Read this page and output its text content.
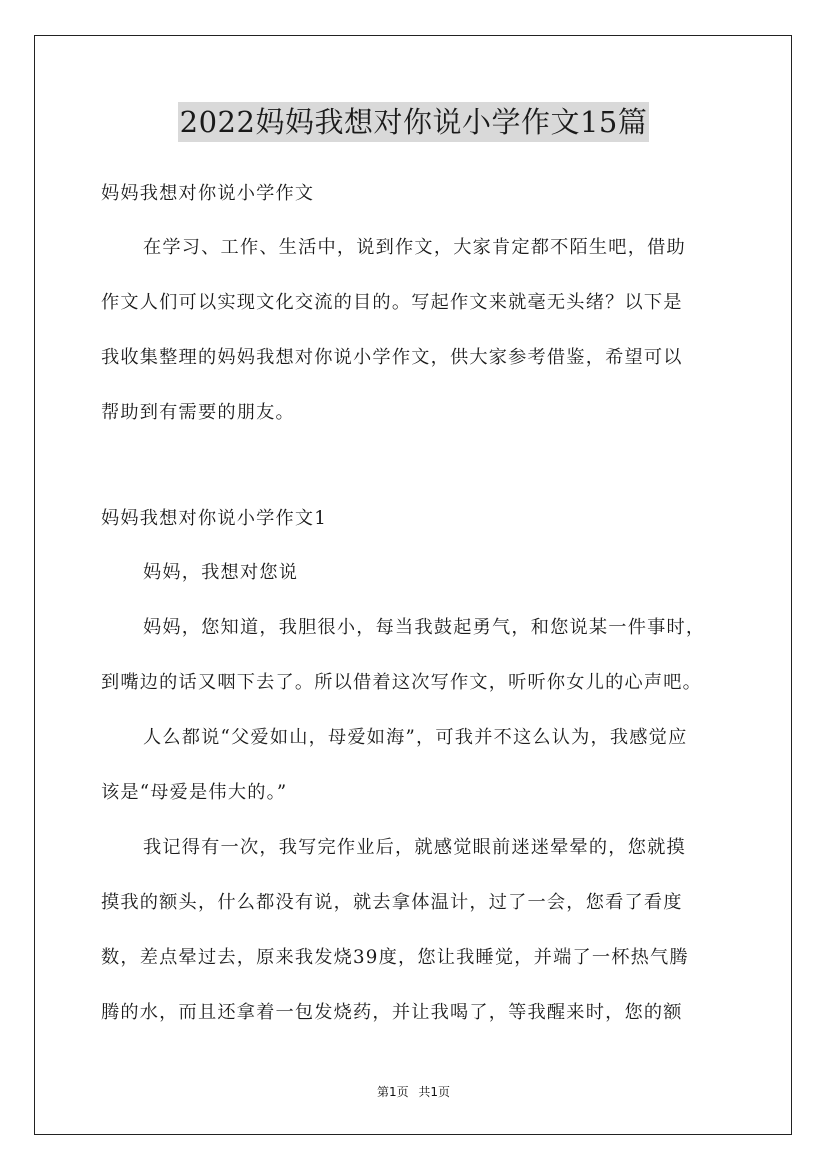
2022妈妈我想对你说小学作文15篇
妈妈我想对你说小学作文
在学习、工作、生活中，说到作文，大家肯定都不陌生吧，借助
作文人们可以实现文化交流的目的。写起作文来就毫无头绪？以下是
我收集整理的妈妈我想对你说小学作文，供大家参考借鉴，希望可以
帮助到有需要的朋友。
妈妈我想对你说小学作文1
妈妈，我想对您说
妈妈，您知道，我胆很小，每当我鼓起勇气，和您说某一件事时，
到嘴边的话又咽下去了。所以借着这次写作文，听听你女儿的心声吧。
人么都说“父爱如山，母爱如海”，可我并不这么认为，我感觉应
该是“母爱是伟大的。”
我记得有一次，我写完作业后，就感觉眼前迷迷晕晕的，您就摸
摸我的额头，什么都没有说，就去拿体温计，过了一会，您看了看度
数，差点晕过去，原来我发烧39度，您让我睡觉，并端了一杯热气腾
腾的水，而且还拿着一包发烧药，并让我喝了，等我醒来时，您的额
第1页 共1页
